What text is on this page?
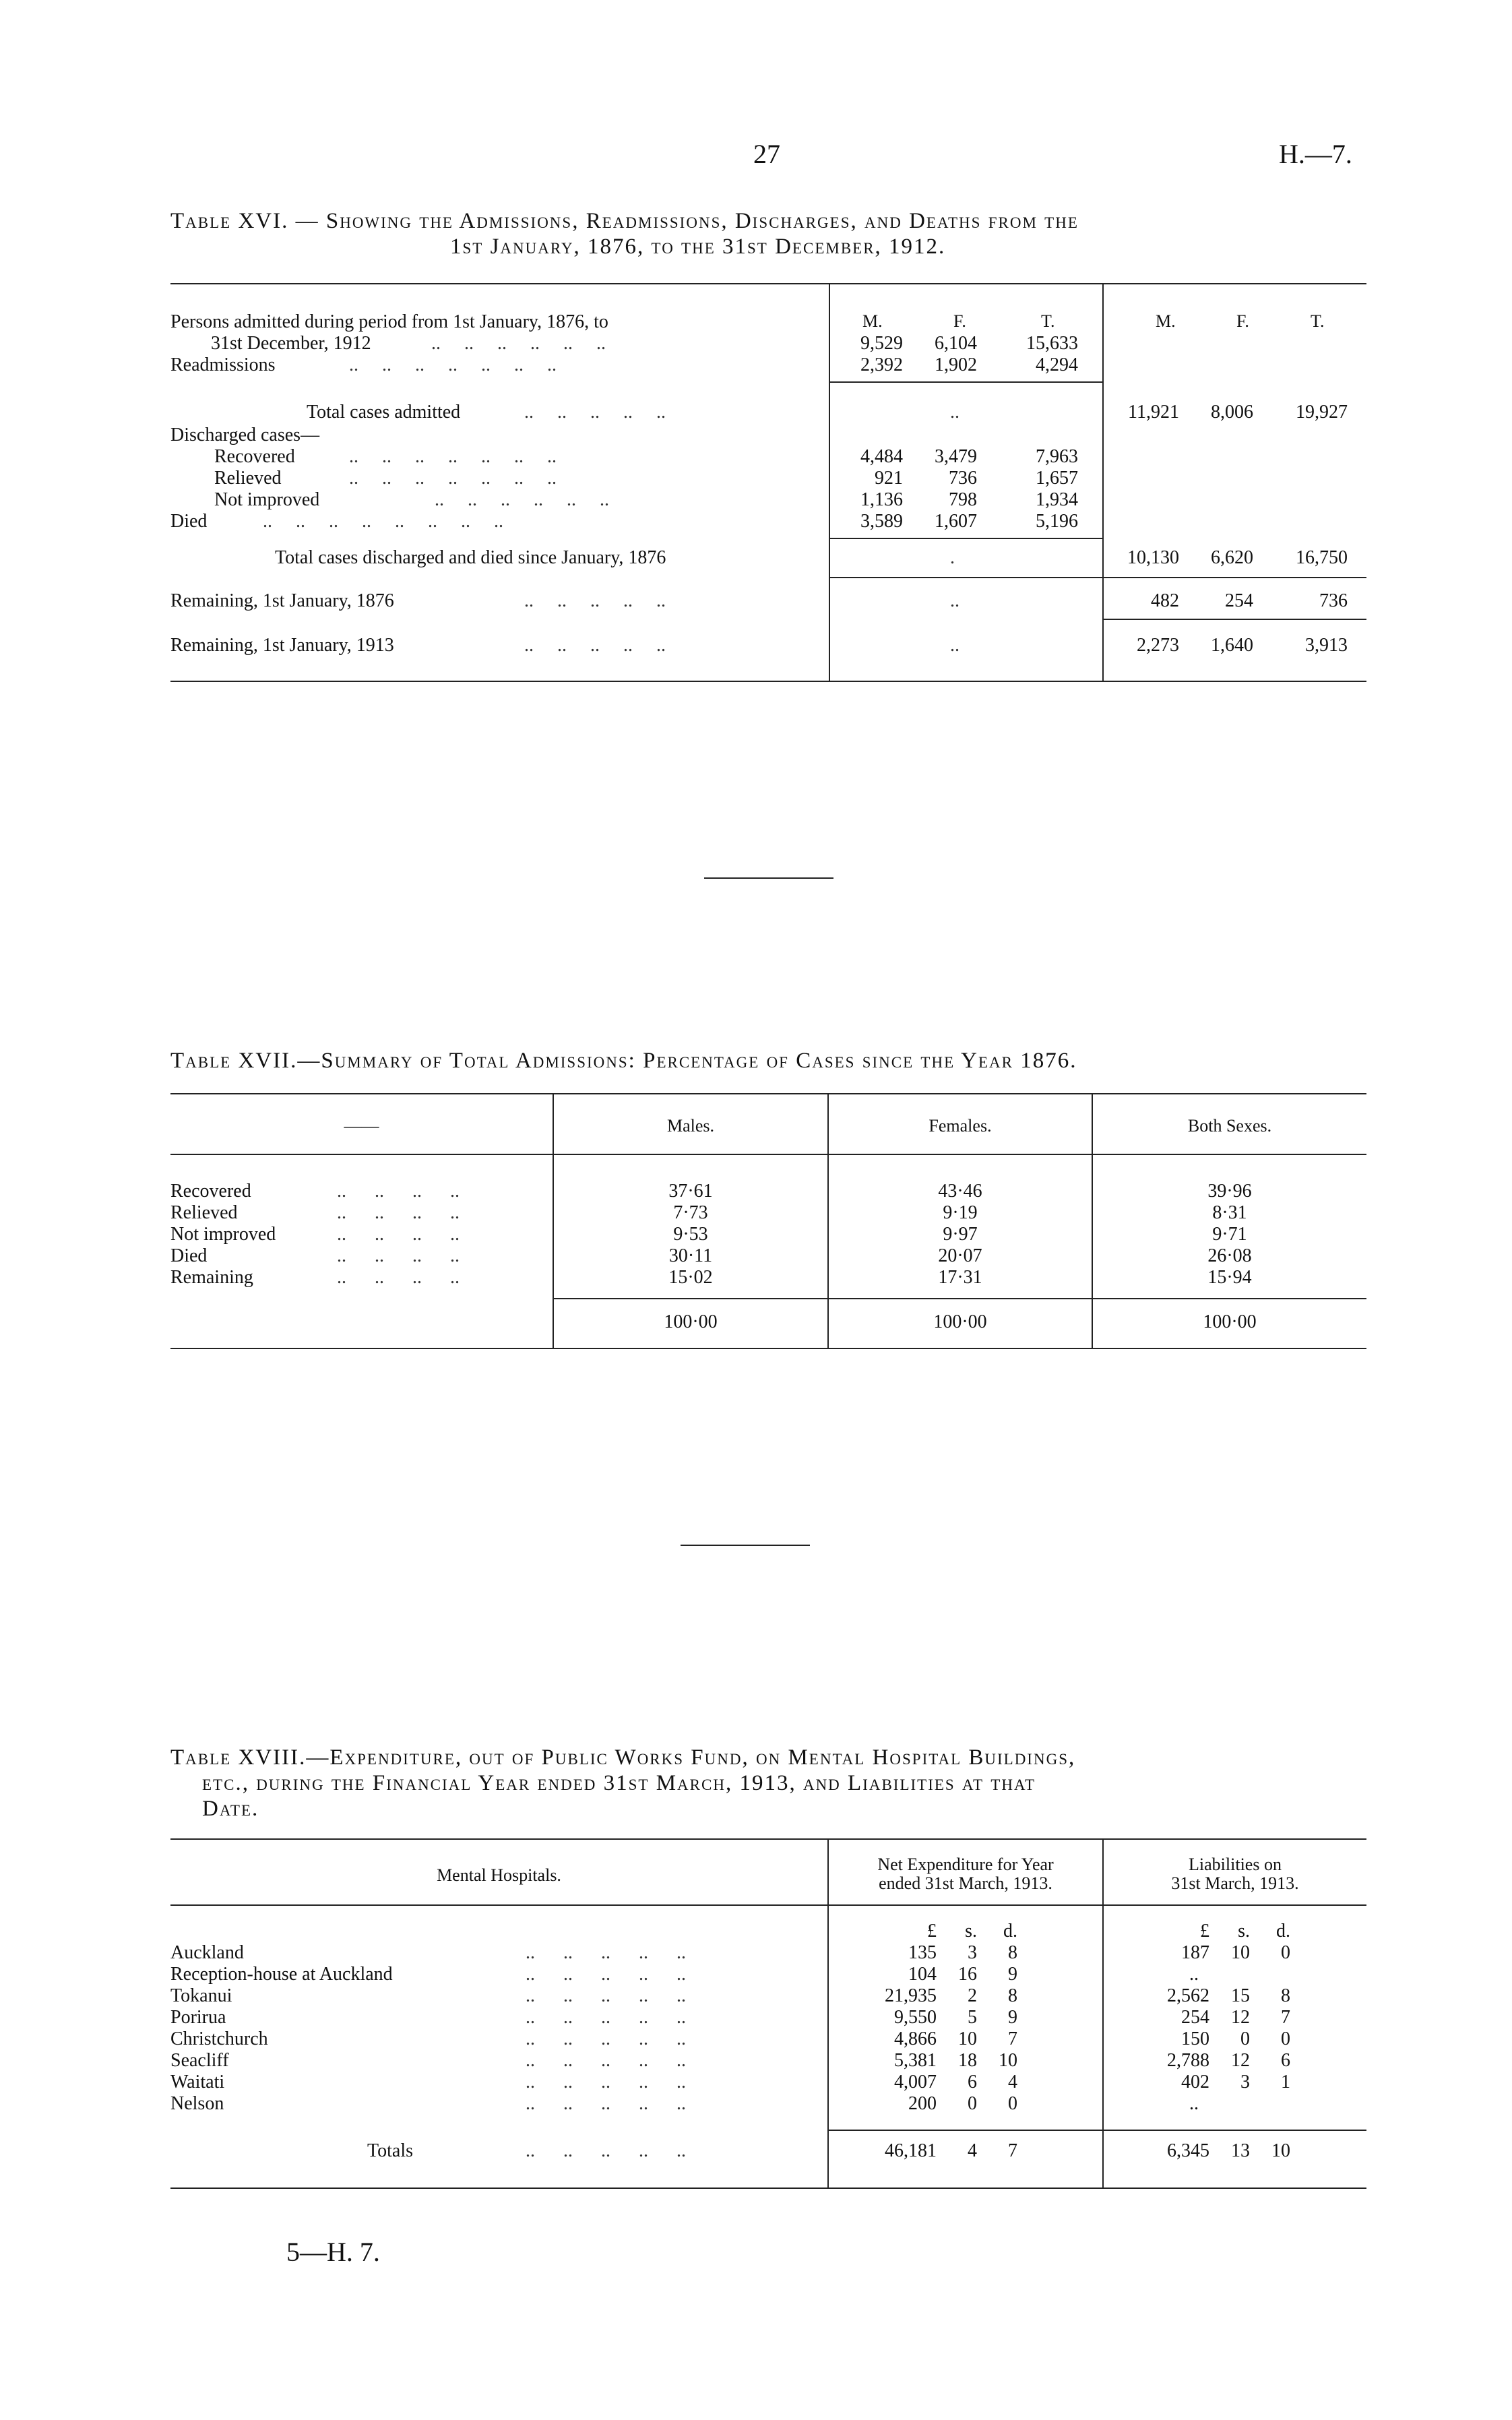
27	H.—7.
Table XVI. — Showing the Admissions, Readmissions, Discharges, and Deaths from the
1st January, 1876, to the 31st December, 1912.
M.	F.	T.	M.	F.	T.
Persons admitted during period from 1st January, 1876, to
31st December, 1912	..     ..     ..     ..     ..     ..	9,529	6,104	15,633
Readmissions	..     ..     ..     ..     ..     ..     ..	2,392	1,902	4,294
Total cases admitted	..     ..     ..     ..     ..	..	11,921	8,006	19,927
Discharged cases—
Recovered	..     ..     ..     ..     ..     ..     ..	4,484	3,479	7,963
Relieved	..     ..     ..     ..     ..     ..     ..	921	736	1,657
Not improved	..     ..     ..     ..     ..     ..	1,136	798	1,934
Died	..     ..     ..     ..     ..     ..     ..     ..	3,589	1,607	5,196
Total cases discharged and died since January, 1876	.	10,130	6,620	16,750
Remaining, 1st January, 1876	..     ..     ..     ..     ..	..	482	254	736
Remaining, 1st January, 1913	..     ..     ..     ..     ..	..	2,273	1,640	3,913
Table XVII.—Summary of Total Admissions: Percentage of Cases since the Year 1876.
——	Males.	Females.	Both Sexes.
Recovered	37·61	43·46	39·96
Relieved	7·73	9·19	8·31
Not improved	9·53	9·97	9·71
Died	30·11	20·07	26·08
Remaining	15·02	17·31	15·94
..      ..      ..      ..
..      ..      ..      ..
..      ..      ..      ..
..      ..      ..      ..
..      ..      ..      ..
100·00	100·00	100·00
Table XVIII.—Expenditure, out of Public Works Fund, on Mental Hospital Buildings,
etc., during the Financial Year ended 31st March, 1913, and Liabilities at that
Date.
Mental Hospitals.
Net Expenditure for Year
ended 31st March, 1913.
Liabilities on
31st March, 1913.
£	s.	d.	£	s.	d.
Auckland	135	3	8	187	10	0
Reception-house at Auckland	104	16	9	..
Tokanui	21,935	2	8	2,562	15	8
Porirua	9,550	5	9	254	12	7
Christchurch	4,866	10	7	150	0	0
Seacliff	5,381	18	10	2,788	12	6
Waitati	4,007	6	4	402	3	1
Nelson	200	0	0	..
..      ..      ..      ..      ..
..      ..      ..      ..      ..
..      ..      ..      ..      ..
..      ..      ..      ..      ..
..      ..      ..      ..      ..
..      ..      ..      ..      ..
..      ..      ..      ..      ..
..      ..      ..      ..      ..
Totals	..      ..      ..      ..      ..	46,181	4	7	6,345	13	10
5—H. 7.
